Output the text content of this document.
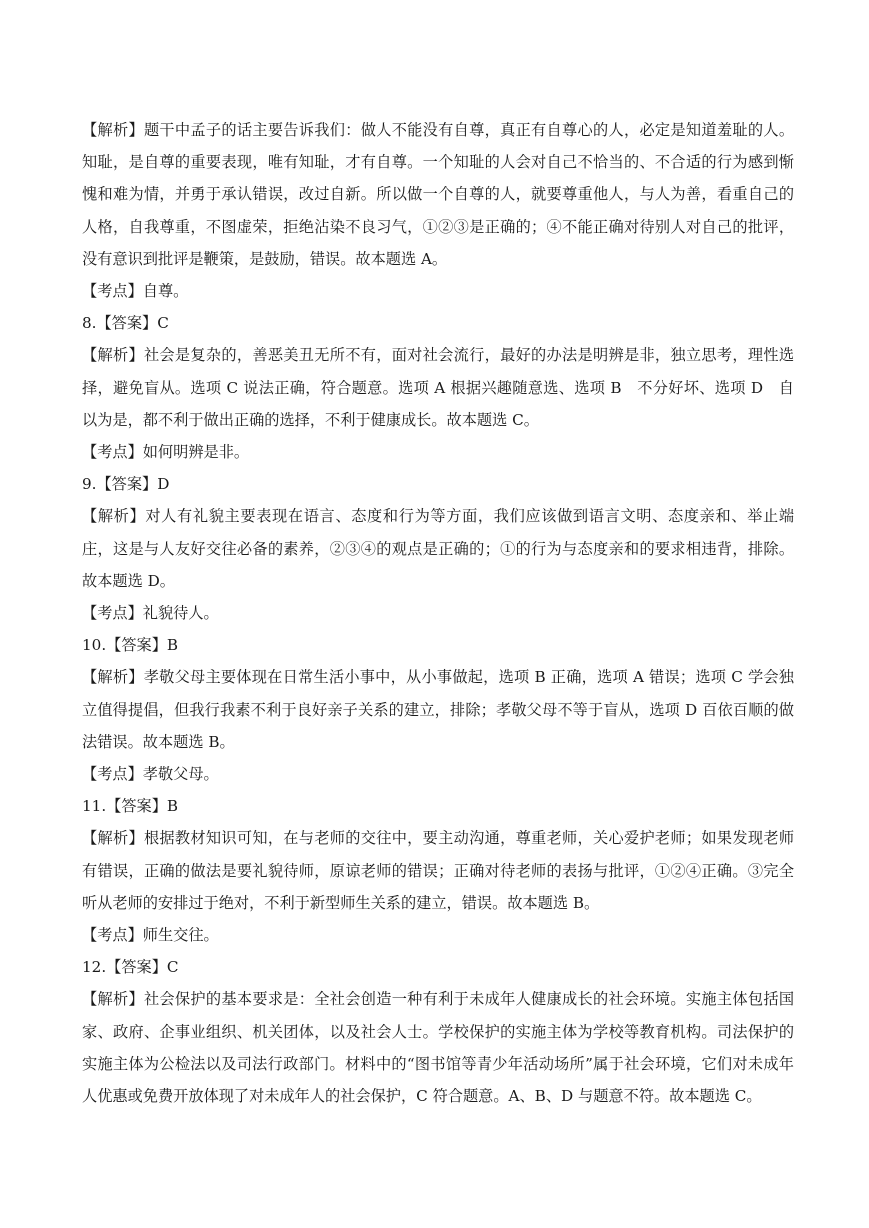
【解析】题干中孟子的话主要告诉我们：做人不能没有自尊，真正有自尊心的人，必定是知道羞耻的人。知耻，是自尊的重要表现，唯有知耻，才有自尊。一个知耻的人会对自己不恰当的、不合适的行为感到惭愧和难为情，并勇于承认错误，改过自新。所以做一个自尊的人，就要尊重他人，与人为善，看重自己的人格，自我尊重，不图虚荣，拒绝沾染不良习气，①②③是正确的；④不能正确对待别人对自己的批评，没有意识到批评是鞭策，是鼓励，错误。故本题选 A。

【考点】自尊。

8.【答案】C

【解析】社会是复杂的，善恶美丑无所不有，面对社会流行，最好的办法是明辨是非，独立思考，理性选择，避免盲从。选项 C 说法正确，符合题意。选项 A 根据兴趣随意选、选项 B　不分好坏、选项 D　自以为是，都不利于做出正确的选择，不利于健康成长。故本题选 C。

【考点】如何明辨是非。

9.【答案】D

【解析】对人有礼貌主要表现在语言、态度和行为等方面，我们应该做到语言文明、态度亲和、举止端庄，这是与人友好交往必备的素养，②③④的观点是正确的；①的行为与态度亲和的要求相违背，排除。故本题选 D。

【考点】礼貌待人。

10.【答案】B

【解析】孝敬父母主要体现在日常生活小事中，从小事做起，选项 B 正确，选项 A 错误；选项 C 学会独立值得提倡，但我行我素不利于良好亲子关系的建立，排除；孝敬父母不等于盲从，选项 D 百依百顺的做法错误。故本题选 B。

【考点】孝敬父母。

11.【答案】B

【解析】根据教材知识可知，在与老师的交往中，要主动沟通，尊重老师，关心爱护老师；如果发现老师有错误，正确的做法是要礼貌待师，原谅老师的错误；正确对待老师的表扬与批评，①②④正确。③完全听从老师的安排过于绝对，不利于新型师生关系的建立，错误。故本题选 B。

【考点】师生交往。

12.【答案】C

【解析】社会保护的基本要求是：全社会创造一种有利于未成年人健康成长的社会环境。实施主体包括国家、政府、企事业组织、机关团体，以及社会人士。学校保护的实施主体为学校等教育机构。司法保护的实施主体为公检法以及司法行政部门。材料中的“图书馆等青少年活动场所”属于社会环境，它们对未成年人优惠或免费开放体现了对未成年人的社会保护，C 符合题意。A、B、D 与题意不符。故本题选 C。
